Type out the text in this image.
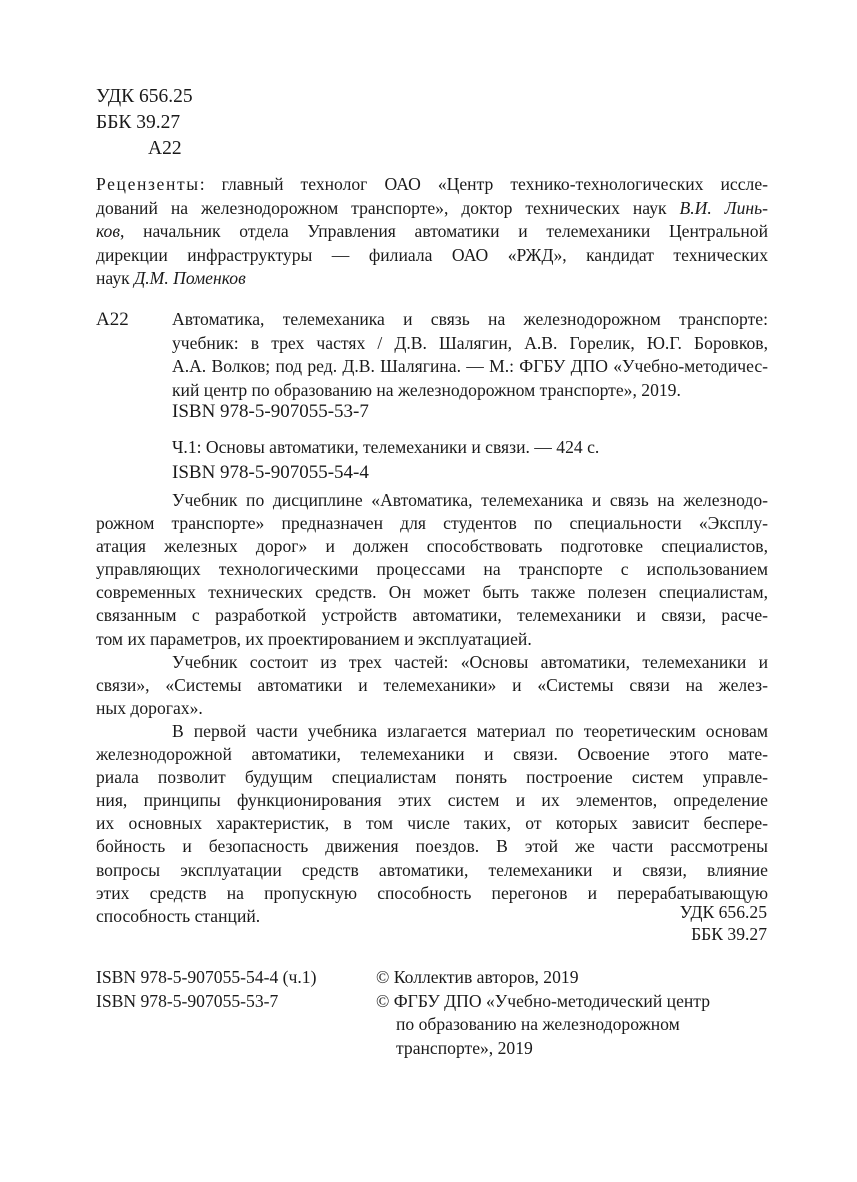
УДК 656.25
ББК 39.27
А22
Рецензенты: главный технолог ОАО «Центр технико-технологических иссле-
дований на железнодорожном транспорте», доктор технических наук В.И. Линь-
ков, начальник отдела Управления автоматики и телемеханики Центральной
дирекции инфраструктуры — филиала ОАО «РЖД», кандидат технических
наук Д.М. Поменков
А22 Автоматика, телемеханика и связь на железнодорожном транспорте:
учебник: в трех частях / Д.В. Шалягин, А.В. Горелик, Ю.Г. Боровков,
А.А. Волков; под ред. Д.В. Шалягина. — М.: ФГБУ ДПО «Учебно-методичес-
кий центр по образованию на железнодорожном транспорте», 2019.
ISBN 978-5-907055-53-7
Ч.1: Основы автоматики, телемеханики и связи. — 424 с.
ISBN 978-5-907055-54-4
Учебник по дисциплине «Автоматика, телемеханика и связь на железнодо-
рожном транспорте» предназначен для студентов по специальности «Эксплу-
атация железных дорог» и должен способствовать подготовке специалистов,
управляющих технологическими процессами на транспорте с использованием
современных технических средств. Он может быть также полезен специалистам,
связанным с разработкой устройств автоматики, телемеханики и связи, расче-
том их параметров, их проектированием и эксплуатацией.
Учебник состоит из трех частей: «Основы автоматики, телемеханики и
связи», «Системы автоматики и телемеханики» и «Системы связи на желез-
ных дорогах».
В первой части учебника излагается материал по теоретическим основам
железнодорожной автоматики, телемеханики и связи. Освоение этого мате-
риала позволит будущим специалистам понять построение систем управле-
ния, принципы функционирования этих систем и их элементов, определение
их основных характеристик, в том числе таких, от которых зависит бесперe-
бойность и безопасность движения поездов. В этой же части рассмотрены
вопросы эксплуатации средств автоматики, телемеханики и связи, влияние
этих средств на пропускную способность перегонов и перерабатывающую
способность станций.	УДК 656.25
ББК 39.27
ISBN 978-5-907055-54-4 (ч.1)
ISBN 978-5-907055-53-7
© Коллектив авторов, 2019
© ФГБУ ДПО «Учебно-методический центр
по образованию на железнодорожном
транспорте», 2019
